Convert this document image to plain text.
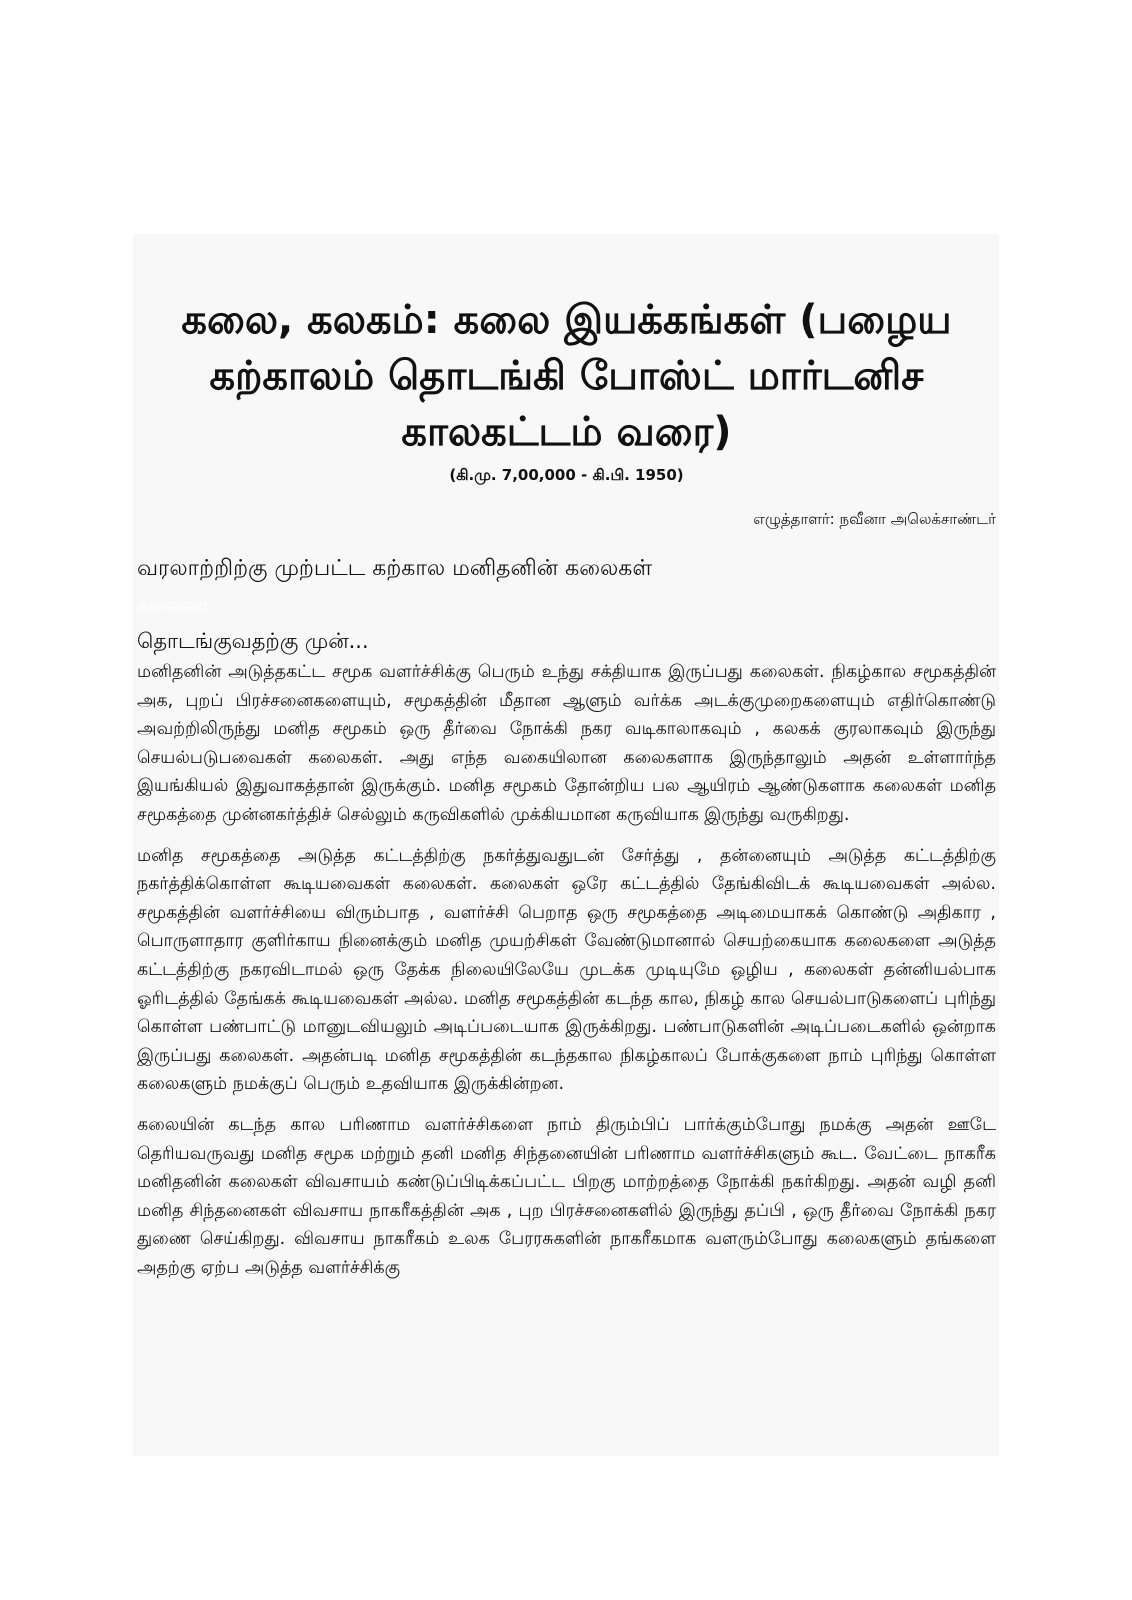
கலை, கலகம்: கலை இயக்கங்கள் (பழைய கற்காலம் தொடங்கி போஸ்ட் மார்டனிச காலகட்டம் வரை)
(கி.மு. 7,00,000 - கி.பி. 1950)
எழுத்தாளர்: நவீனா அலெக்சாண்டர்
வரலாற்றிற்கு முற்பட்ட கற்கால மனிதனின் கலைகள்
கலைகள்
தொடங்குவதற்கு முன்...

மனிதனின் அடுத்தகட்ட சமூக வளர்ச்சிக்கு பெரும் உந்து சக்தியாக இருப்பது கலைகள். நிகழ்கால சமூகத்தின் அக, புறப் பிரச்சனைகளையும், சமூகத்தின் மீதான ஆளும் வர்க்க அடக்குமுறைகளையும் எதிர்கொண்டு அவற்றிலிருந்து மனித சமூகம் ஒரு தீர்வை நோக்கி நகர வடிகாலாகவும் , கலகக் குரலாகவும் இருந்து செயல்படுபவைகள் கலைகள். அது எந்த வகையிலான கலைகளாக இருந்தாலும் அதன் உள்ளார்ந்த இயங்கியல் இதுவாகத்தான் இருக்கும். மனித சமூகம் தோன்றிய பல ஆயிரம் ஆண்டுகளாக கலைகள் மனித சமூகத்தை முன்னகர்த்திச் செல்லும் கருவிகளில் முக்கியமான கருவியாக இருந்து வருகிறது.

மனித சமூகத்தை அடுத்த கட்டத்திற்கு நகர்த்துவதுடன் சேர்த்து , தன்னையும் அடுத்த கட்டத்திற்கு நகர்த்திக்கொள்ள கூடியவைகள் கலைகள். கலைகள் ஒரே கட்டத்தில் தேங்கிவிடக் கூடியவைகள் அல்ல. சமூகத்தின் வளர்ச்சியை விரும்பாத , வளர்ச்சி பெறாத ஒரு சமூகத்தை அடிமையாகக் கொண்டு அதிகார , பொருளாதார குளிர்காய நினைக்கும் மனித முயற்சிகள் வேண்டுமானால் செயற்கையாக கலைகளை அடுத்த கட்டத்திற்கு நகரவிடாமல் ஒரு தேக்க நிலையிலேயே முடக்க முடியுமே ஒழிய , கலைகள் தன்னியல்பாக ஓரிடத்தில் தேங்கக் கூடியவைகள் அல்ல. மனித சமூகத்தின் கடந்த கால, நிகழ் கால செயல்பாடுகளைப் புரிந்து கொள்ள பண்பாட்டு மானுடவியலும் அடிப்படையாக இருக்கிறது. பண்பாடுகளின் அடிப்படைகளில் ஒன்றாக இருப்பது கலைகள். அதன்படி மனித சமூகத்தின் கடந்தகால நிகழ்காலப் போக்குகளை நாம் புரிந்து கொள்ள கலைகளும் நமக்குப் பெரும் உதவியாக இருக்கின்றன.

கலையின் கடந்த கால பரிணாம வளர்ச்சிகளை நாம் திரும்பிப் பார்க்கும்போது நமக்கு அதன் ஊடே தெரியவருவது மனித சமூக மற்றும் தனி மனித சிந்தனையின் பரிணாம வளர்ச்சிகளும் கூட. வேட்டை நாகரீக மனிதனின் கலைகள் விவசாயம் கண்டுப்பிடிக்கப்பட்ட பிறகு மாற்றத்தை நோக்கி நகர்கிறது. அதன் வழி தனி மனித சிந்தனைகள் விவசாய நாகரீகத்தின் அக , புற பிரச்சனைகளில் இருந்து தப்பி , ஒரு தீர்வை நோக்கி நகர துணை செய்கிறது. விவசாய நாகரீகம் உலக பேரரசுகளின் நாகரீகமாக வளரும்போது கலைகளும் தங்களை அதற்கு ஏற்ப அடுத்த வளர்ச்சிக்கு
